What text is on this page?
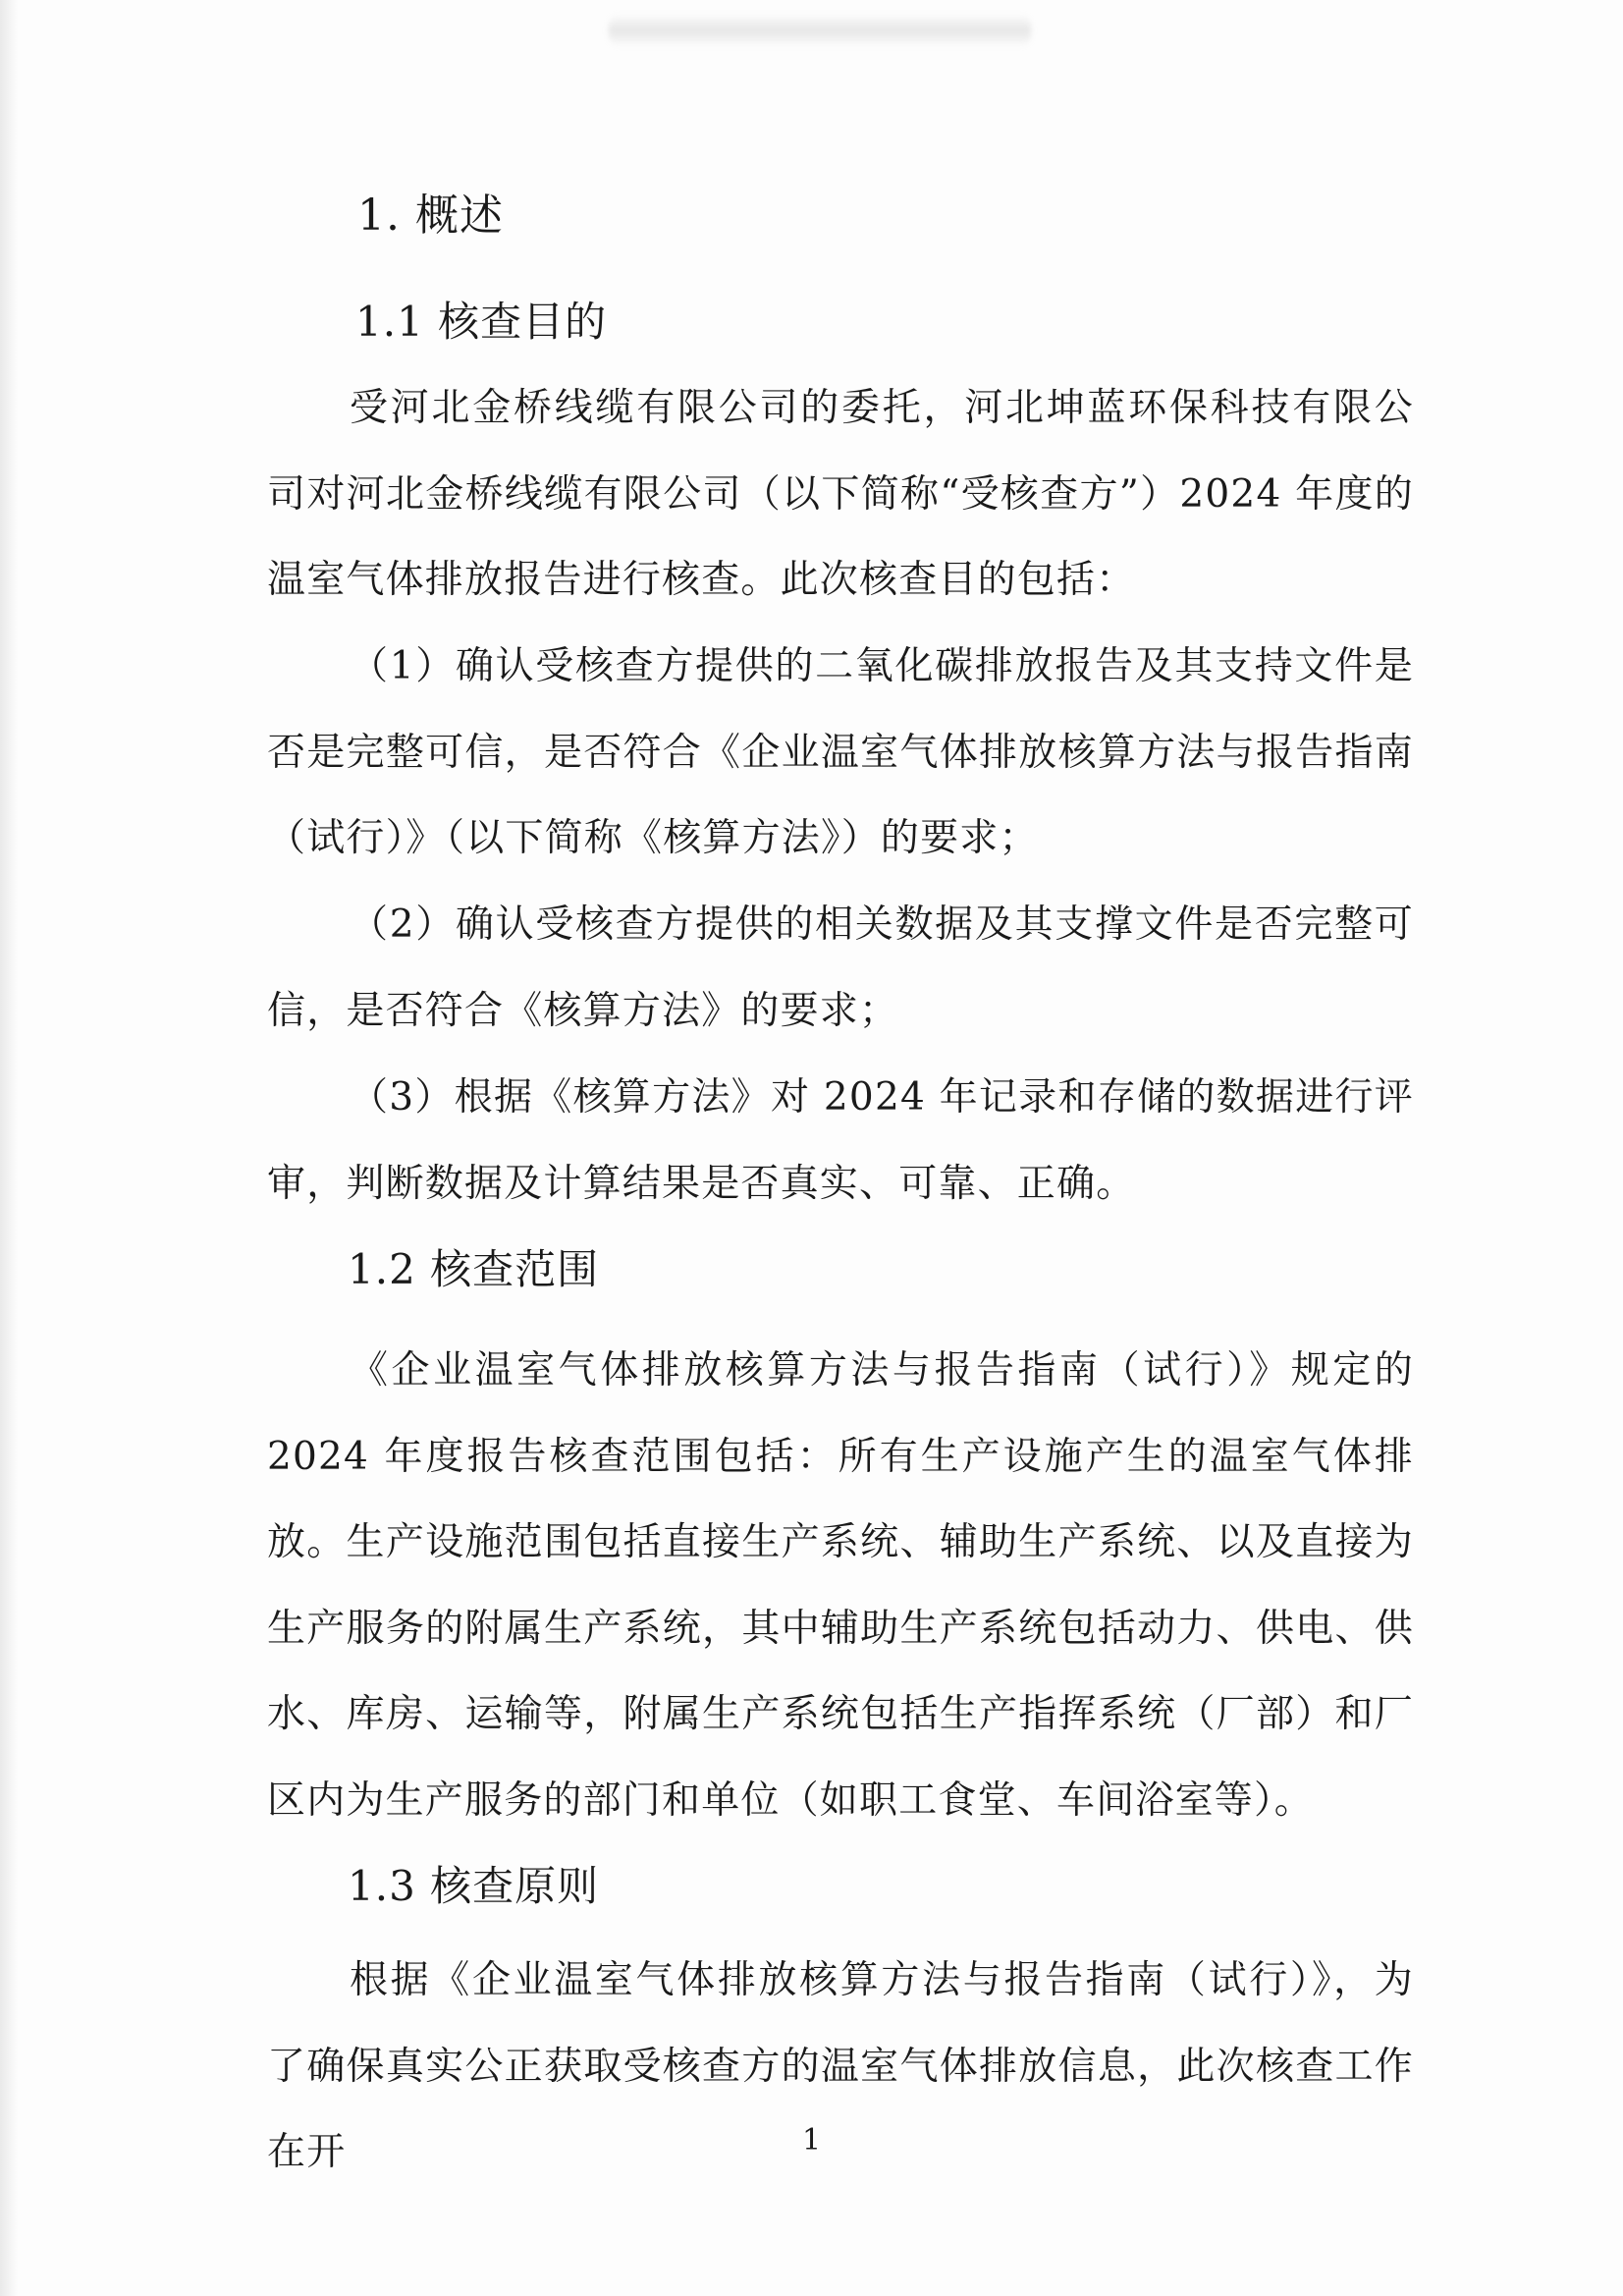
1. 概述
1.1 核查目的
受河北金桥线缆有限公司的委托，河北坤蓝环保科技有限公司对河北金桥线缆有限公司（以下简称“受核查方”）2024 年度的温室气体排放报告进行核查。此次核查目的包括：
（1）确认受核查方提供的二氧化碳排放报告及其支持文件是否是完整可信，是否符合《企业温室气体排放核算方法与报告指南（试行）》（以下简称《核算方法》）的要求；
（2）确认受核查方提供的相关数据及其支撑文件是否完整可信，是否符合《核算方法》的要求；
（3）根据《核算方法》对 2024 年记录和存储的数据进行评审，判断数据及计算结果是否真实、可靠、正确。
1.2 核查范围
《企业温室气体排放核算方法与报告指南（试行）》规定的 2024 年度报告核查范围包括：所有生产设施产生的温室气体排放。生产设施范围包括直接生产系统、辅助生产系统、以及直接为生产服务的附属生产系统，其中辅助生产系统包括动力、供电、供水、库房、运输等，附属生产系统包括生产指挥系统（厂部）和厂区内为生产服务的部门和单位（如职工食堂、车间浴室等）。
1.3 核查原则
根据《企业温室气体排放核算方法与报告指南（试行）》，为了确保真实公正获取受核查方的温室气体排放信息，此次核查工作在开	1
